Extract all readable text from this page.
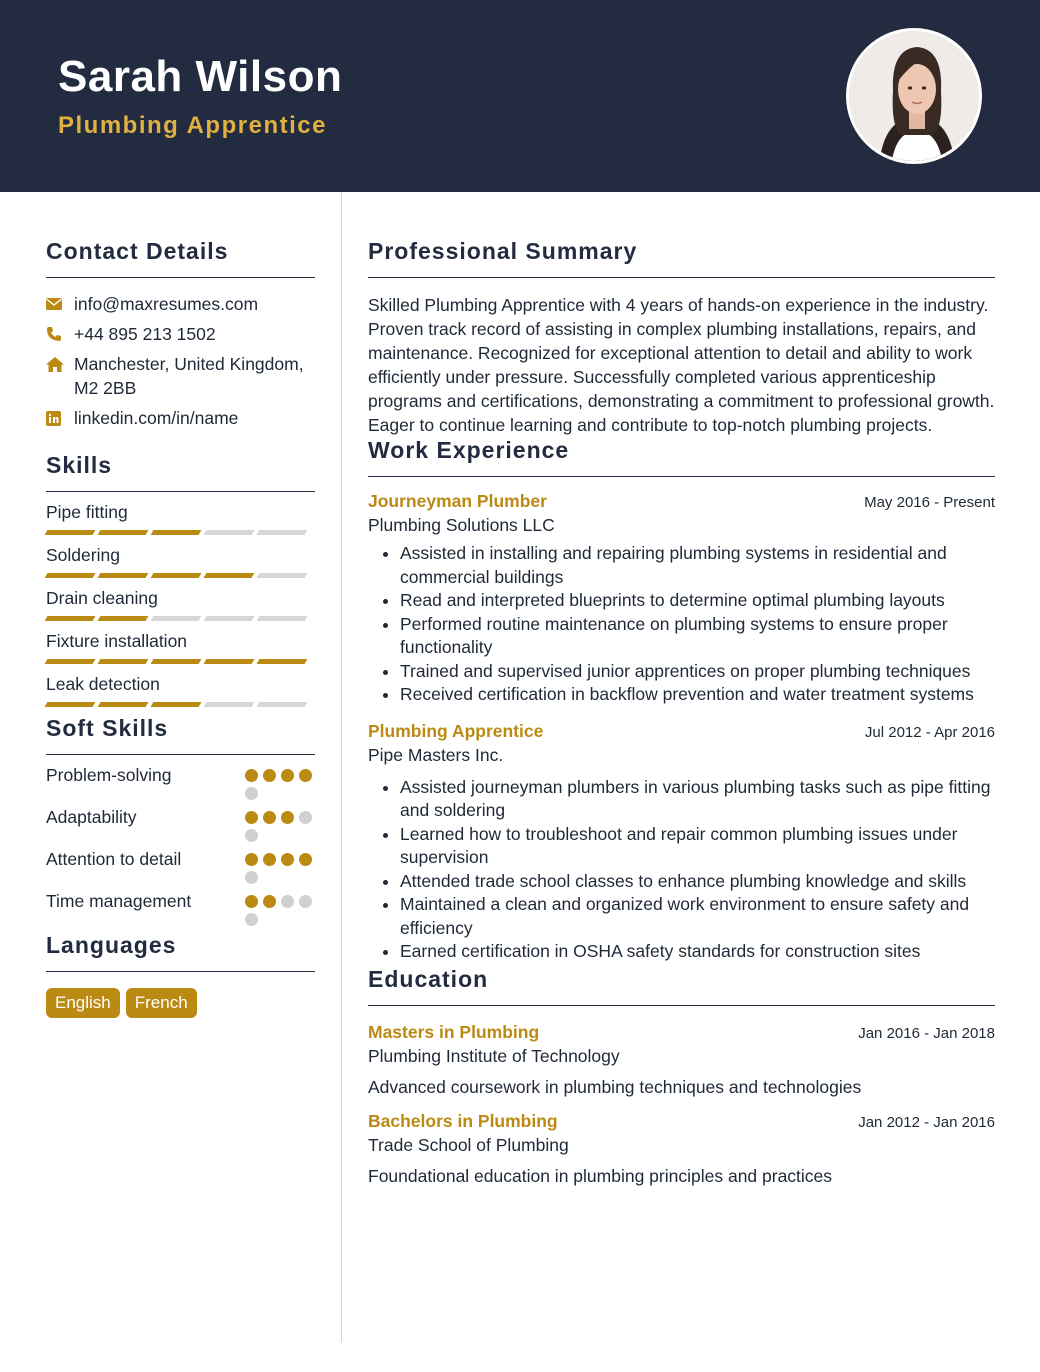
Sarah Wilson
Plumbing Apprentice
Contact Details
info@maxresumes.com
+44 895 213 1502
Manchester, United Kingdom, M2 2BB
linkedin.com/in/name
Skills
Pipe fitting
Soldering
Drain cleaning
Fixture installation
Leak detection
Soft Skills
Problem-solving
Adaptability
Attention to detail
Time management
Languages
English	French
Professional Summary

Skilled Plumbing Apprentice with 4 years of hands-on experience in the industry. Proven track record of assisting in complex plumbing installations, repairs, and maintenance. Recognized for exceptional attention to detail and ability to work efficiently under pressure. Successfully completed various apprenticeship programs and certifications, demonstrating a commitment to professional growth. Eager to continue learning and contribute to top-notch plumbing projects.

Work Experience
Journeyman Plumber	May 2016 - Present
Plumbing Solutions LLC
• Assisted in installing and repairing plumbing systems in residential and commercial buildings
• Read and interpreted blueprints to determine optimal plumbing layouts
• Performed routine maintenance on plumbing systems to ensure proper functionality
• Trained and supervised junior apprentices on proper plumbing techniques
• Received certification in backflow prevention and water treatment systems
Plumbing Apprentice	Jul 2012 - Apr 2016
Pipe Masters Inc.
• Assisted journeyman plumbers in various plumbing tasks such as pipe fitting and soldering
• Learned how to troubleshoot and repair common plumbing issues under supervision
• Attended trade school classes to enhance plumbing knowledge and skills
• Maintained a clean and organized work environment to ensure safety and efficiency
• Earned certification in OSHA safety standards for construction sites
Education
Masters in Plumbing	Jan 2016 - Jan 2018
Plumbing Institute of Technology
Advanced coursework in plumbing techniques and technologies
Bachelors in Plumbing	Jan 2012 - Jan 2016
Trade School of Plumbing
Foundational education in plumbing principles and practices
